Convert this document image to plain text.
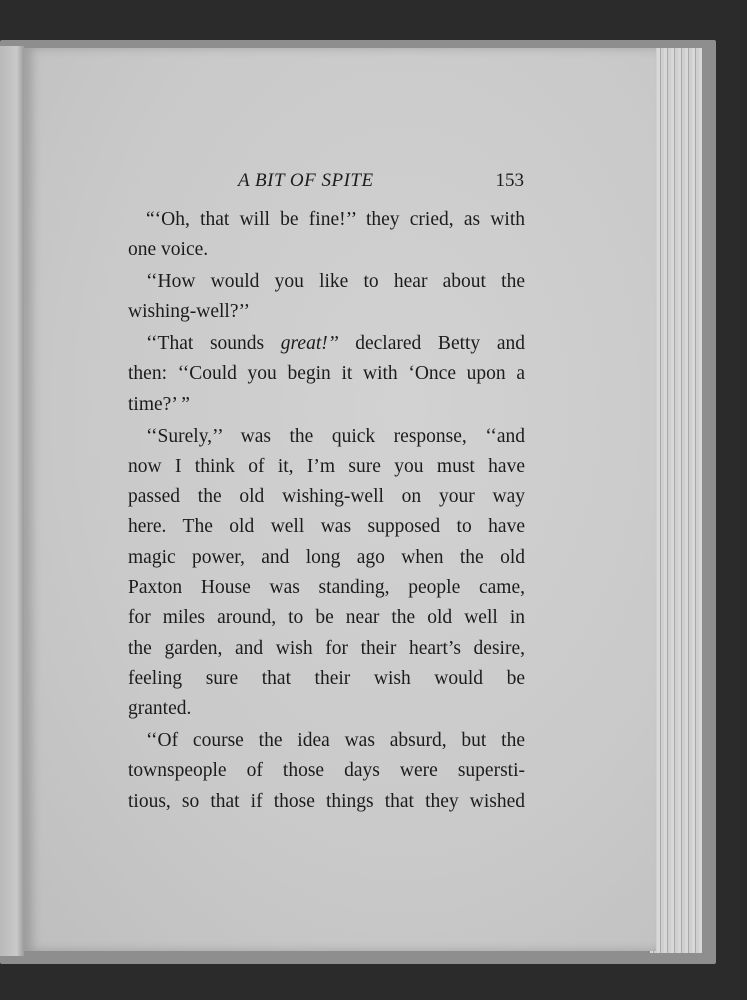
A BIT OF SPITE	153
“‘Oh, that will be fine!’’ they cried, as with
one voice.
‘‘How would you like to hear about the
wishing-well?’’
‘‘That sounds great!’’ declared Betty and
then: ‘‘Could you begin it with ‘Once upon a
time?’ ”
‘‘Surely,’’ was the quick response, ‘‘and
now I think of it, I’m sure you must have
passed the old wishing-well on your way
here. The old well was supposed to have
magic power, and long ago when the old
Paxton House was standing, people came,
for miles around, to be near the old well in
the garden, and wish for their heart’s desire,
feeling sure that their wish would be
granted.
‘‘Of course the idea was absurd, but the
townspeople of those days were supersti-
tious, so that if those things that they wished
